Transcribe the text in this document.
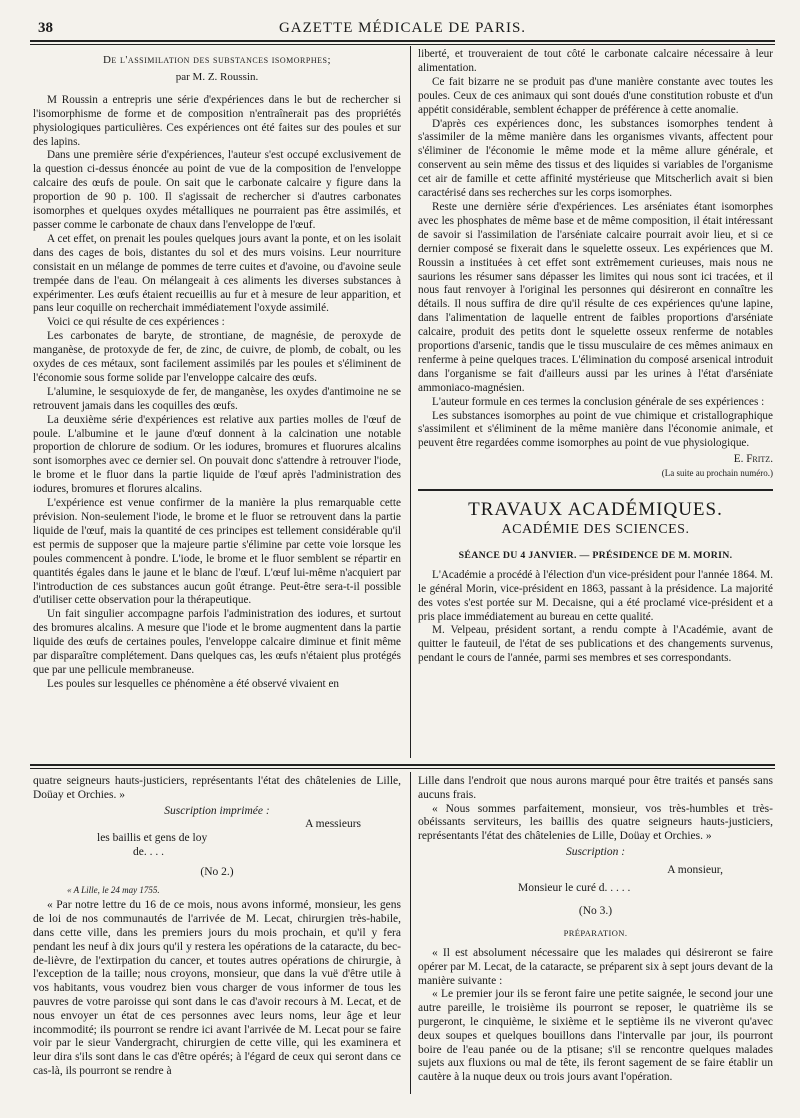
38	GAZETTE MÉDICALE DE PARIS.
De l'assimilation des substances isomorphes;
par M. Z. Roussin.

M Roussin a entrepris une série d'expériences dans le but de rechercher si l'isomorphisme de forme et de composition n'entraînerait pas des propriétés physiologiques particulières. Ces expériences ont été faites sur des poules et sur des lapins.

Dans une première série d'expériences, l'auteur s'est occupé exclusivement de la question ci-dessus énoncée au point de vue de la composition de l'enveloppe calcaire des œufs de poule. On sait que le carbonate calcaire y figure dans la proportion de 90 p. 100. Il s'agissait de rechercher si d'autres carbonates isomorphes et quelques oxydes métalliques ne pourraient pas être assimilés, et passer comme le carbonate de chaux dans l'enveloppe de l'œuf.

A cet effet, on prenait les poules quelques jours avant la ponte, et on les isolait dans des cages de bois, distantes du sol et des murs voisins. Leur nourriture consistait en un mélange de pommes de terre cuites et d'avoine, ou d'avoine seule trempée dans de l'eau. On mélangeait à ces aliments les diverses substances à expérimenter. Les œufs étaient recueillis au fur et à mesure de leur apparition, et pans leur coquille on recherchait immédiatement l'oxyde assimilé.

Voici ce qui résulte de ces expériences :

Les carbonates de baryte, de strontiane, de magnésie, de peroxyde de manganèse, de protoxyde de fer, de zinc, de cuivre, de plomb, de cobalt, ou les oxydes de ces métaux, sont facilement assimilés par les poules et s'éliminent de l'économie sous forme solide par l'enveloppe calcaire des œufs.

L'alumine, le sesquioxyde de fer, de manganèse, les oxydes d'antimoine ne se retrouvent jamais dans les coquilles des œufs.

La deuxième série d'expériences est relative aux parties molles de l'œuf de poule. L'albumine et le jaune d'œuf donnent à la calcination une notable proportion de chlorure de sodium. Or les iodures, bromures et fluorures alcalins sont isomorphes avec ce dernier sel. On pouvait donc s'attendre à retrouver l'iode, le brome et le fluor dans la partie liquide de l'œuf après l'administration des iodures, bromures et florures alcalins.

L'expérience est venue confirmer de la manière la plus remarquable cette prévision. Non-seulement l'iode, le brome et le fluor se retrouvent dans la partie liquide de l'œuf, mais la quantité de ces principes est tellement considérable qu'il est permis de supposer que la majeure partie s'élimine par cette voie lorsque les poules commencent à pondre. L'iode, le brome et le fluor semblent se répartir en quantités égales dans le jaune et le blanc de l'œuf. L'œuf lui-même n'acquiert par l'introduction de ces substances aucun goût étrange. Peut-être sera-t-il possible d'utiliser cette observation pour la thérapeutique.

Un fait singulier accompagne parfois l'administration des iodures, et surtout des bromures alcalins. A mesure que l'iode et le brome augmentent dans la partie liquide des œufs de certaines poules, l'enveloppe calcaire diminue et finit même par disparaître complétement. Dans quelques cas, les œufs n'étaient plus protégés que par une pellicule membraneuse.

Les poules sur lesquelles ce phénomène a été observé vivaient en

liberté, et trouveraient de tout côté le carbonate calcaire nécessaire à leur alimentation.

Ce fait bizarre ne se produit pas d'une manière constante avec toutes les poules. Ceux de ces animaux qui sont doués d'une constitution robuste et d'un appétit considérable, semblent échapper de préférence à cette anomalie.

D'après ces expériences donc, les substances isomorphes tendent à s'assimiler de la même manière dans les organismes vivants, affectent pour s'éliminer de l'économie le même mode et la même allure générale, et conservent au sein même des tissus et des liquides si variables de l'organisme cet air de famille et cette affinité mystérieuse que Mitscherlich avait si bien caractérisé dans ses recherches sur les corps isomorphes.

Reste une dernière série d'expériences. Les arséniates étant isomorphes avec les phosphates de même base et de même composition, il était intéressant de savoir si l'assimilation de l'arséniate calcaire pourrait avoir lieu, et si ce dernier composé se fixerait dans le squelette osseux. Les expériences que M. Roussin a instituées à cet effet sont extrêmement curieuses, mais nous ne saurions les résumer sans dépasser les limites qui nous sont ici tracées, et il nous faut renvoyer à l'original les personnes qui désireront en connaître les détails. Il nous suffira de dire qu'il résulte de ces expériences qu'une lapine, dans l'alimentation de laquelle entrent de faibles proportions d'arséniate calcaire, produit des petits dont le squelette osseux renferme de notables proportions d'arsenic, tandis que le tissu musculaire de ces mêmes animaux en renferme à peine quelques traces. L'élimination du composé arsenical introduit dans l'organisme se fait d'ailleurs aussi par les urines à l'état d'arséniate ammoniaco-magnésien.

L'auteur formule en ces termes la conclusion générale de ses expériences :

Les substances isomorphes au point de vue chimique et cristallographique s'assimilent et s'éliminent de la même manière dans l'économie animale, et peuvent être regardées comme isomorphes au point de vue physiologique.

E. Fritz.

(La suite au prochain numéro.)

TRAVAUX ACADÉMIQUES.
ACADÉMIE DES SCIENCES.
SÉANCE DU 4 JANVIER. — PRÉSIDENCE DE M. MORIN.

L'Académie a procédé à l'élection d'un vice-président pour l'année 1864. M. le général Morin, vice-président en 1863, passant à la présidence. La majorité des votes s'est portée sur M. Decaisne, qui a été proclamé vice-président et a pris place immédiatement au bureau en cette qualité.

M. Velpeau, président sortant, a rendu compte à l'Académie, avant de quitter le fauteuil, de l'état de ses publications et des changements survenus, pendant le cours de l'année, parmi ses membres et ses correspondants.

quatre seigneurs hauts-justiciers, représentants l'état des châtelenies de Lille, Doüay et Orchies. »

Suscription imprimée :

A messieurs

les baillis et gens de loy

de. . . .

(No 2.)

« A Lille, le 24 may 1755.

« Par notre lettre du 16 de ce mois, nous avons informé, monsieur, les gens de loi de nos communautés de l'arrivée de M. Lecat, chirurgien très-habile, dans cette ville, dans les premiers jours du mois prochain, et qu'il y fera pendant les neuf à dix jours qu'il y restera les opérations de la cataracte, du bec-de-lièvre, de l'extirpation du cancer, et toutes autres opérations de chirurgie, à l'exception de la taille; nous croyons, monsieur, que dans la vuë d'être utile à vos habitants, vous voudrez bien vous charger de vous informer de tous les pauvres de votre paroisse qui sont dans le cas d'avoir recours à M. Lecat, et de nous envoyer un état de ces personnes avec leurs noms, leur âge et leur incommodité; ils pourront se rendre ici avant l'arrivée de M. Lecat pour se faire voir par le sieur Vandergracht, chirurgien de cette ville, qui les examinera et leur dira s'ils sont dans le cas d'être opérés; à l'égard de ceux qui seront dans ce cas-là, ils pourront se rendre à

Lille dans l'endroit que nous aurons marqué pour être traités et pansés sans aucuns frais.

« Nous sommes parfaitement, monsieur, vos très-humbles et très-obéissants serviteurs, les baillis des quatre seigneurs hauts-justiciers, représentants l'état des châtelenies de Lille, Doüay et Orchies. »

Suscription :

A monsieur,

Monsieur le curé d. . . . .

(No 3.)

PRÉPARATION.

« Il est absolument nécessaire que les malades qui désireront se faire opérer par M. Lecat, de la cataracte, se préparent six à sept jours devant de la manière suivante :

« Le premier jour ils se feront faire une petite saignée, le second jour une autre pareille, le troisième ils pourront se reposer, le quatrième ils se purgeront, le cinquième, le sixième et le septième ils ne viveront qu'avec deux soupes et quelques bouillons dans l'intervalle par jour, ils pourront boire de l'eau panée ou de la ptisane; s'il se rencontre quelques malades sujets aux fluxions ou mal de tête, ils feront sagement de se faire établir un cautère à la nuque deux ou trois jours avant l'opération.
